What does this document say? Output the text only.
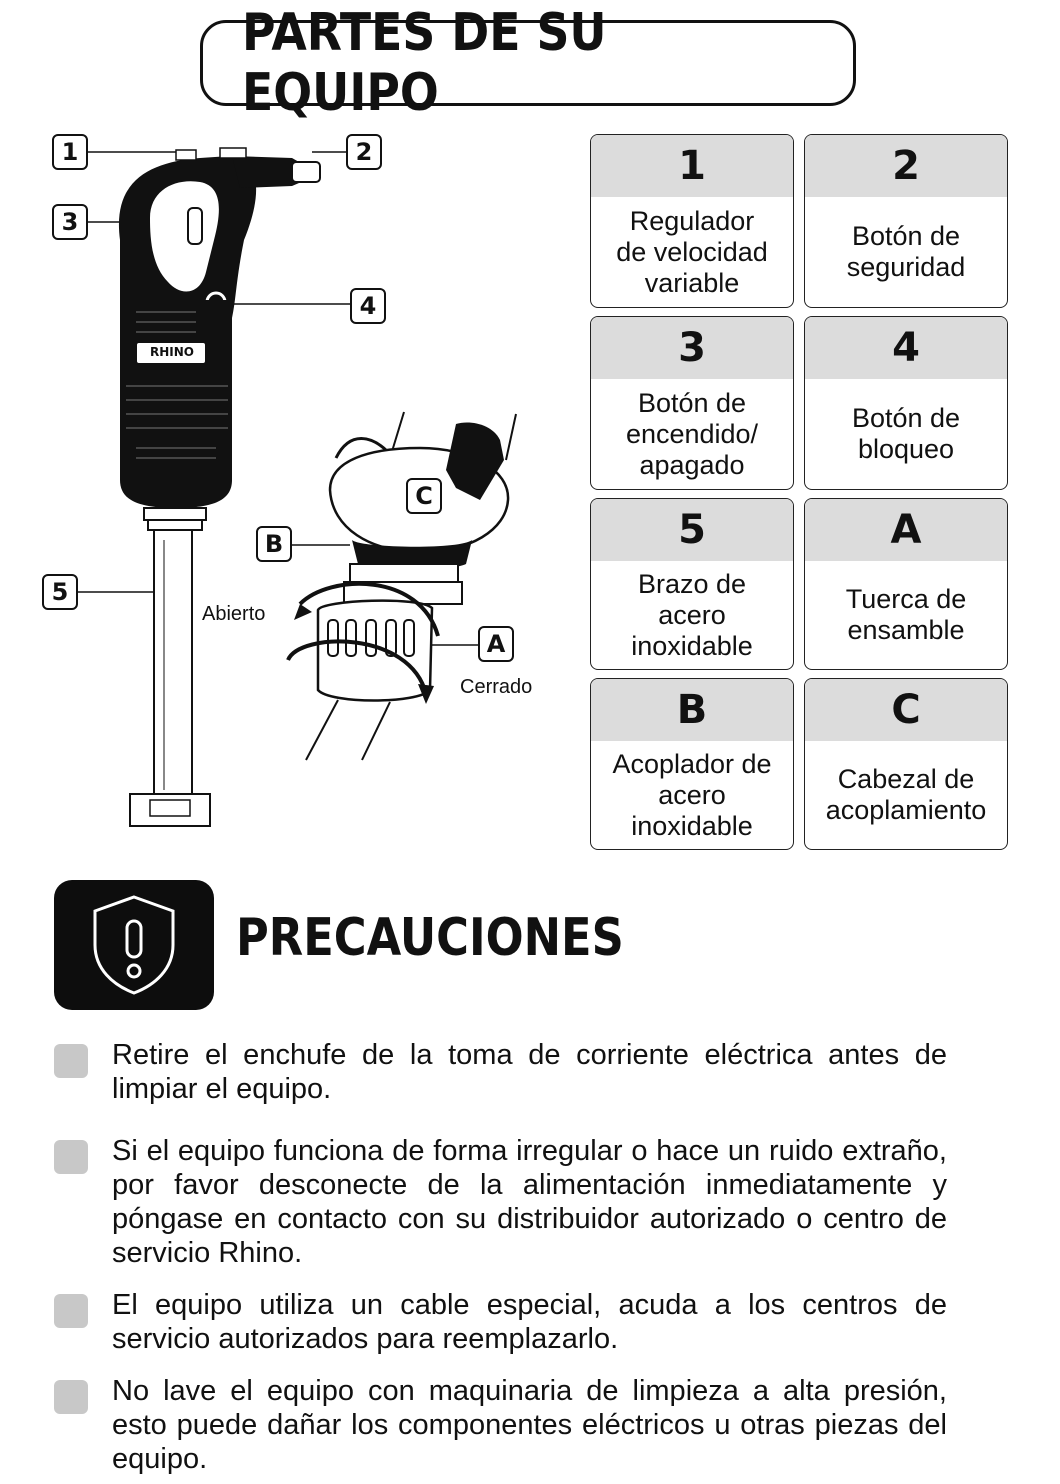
PARTES DE SU EQUIPO
1	2
3
4
5
A
B
C
RHINO
Abierto
Cerrado
1
Regulador
de velocidad
variable
2
Botón de
seguridad
3
Botón de
encendido/
apagado
4
Botón de
bloqueo
5
Brazo de
acero
inoxidable
A
Tuerca de
ensamble
B
Acoplador de
acero
inoxidable
C
Cabezal de
acoplamiento
PRECAUCIONES
Retire el enchufe de la toma de corriente eléctrica antes de limpiar el equipo.
Si el equipo funciona de forma irregular o hace un ruido extraño, por favor desconecte de la alimentación inmediatamente y póngase en contacto con su distribuidor autorizado o centro de servicio Rhino.
El equipo utiliza un cable especial, acuda a los centros de servicio autorizados para reemplazarlo.
No lave el equipo con maquinaria de limpieza a alta presión, esto puede dañar los componentes eléctricos u otras piezas del equipo.
